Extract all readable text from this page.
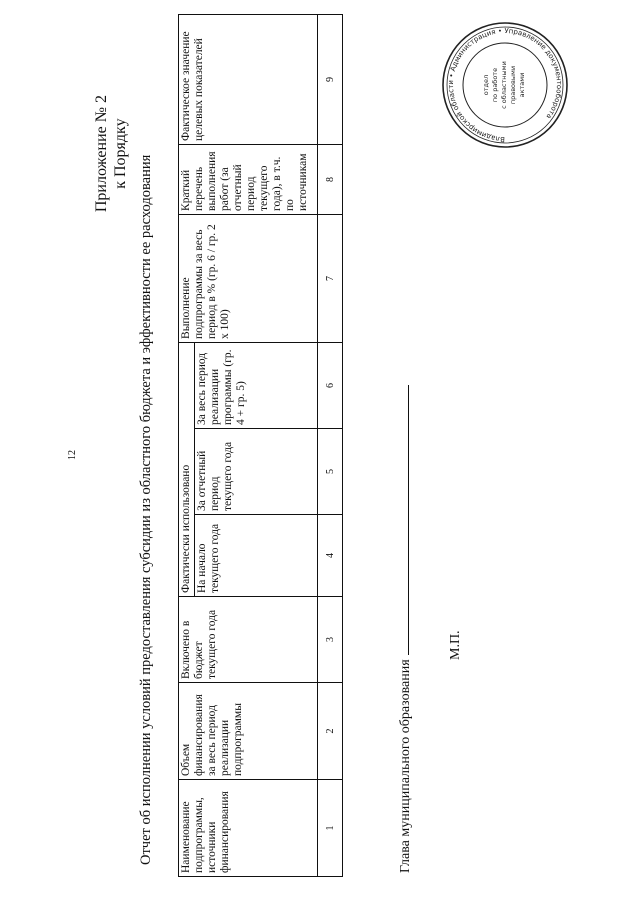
12
Приложение № 2 к Порядку
Отчет об исполнении условий предоставления субсидии из областного бюджета и эффективности ее расходования Наименование подпрограммы, источники финансирования	Объем финансирования за весь период реализации подпрограммы	Включено в бюджет текущего года	Фактически использовано			Выполнение подпрограммы за весь период в % (гр. 6 / гр. 2 х 100)	Краткий перечень выполнения работ (за отчетный период текущего года), в т.ч. по источникам	Фактическое значение целевых показателей
			На начало текущего года	За отчетный период текущего года	За весь период реализации программы (гр. 4 + гр. 5)			
1	2	3	4	5	6	7	8	9
Глава муниципального образования
М.П.
Владимирской области • Администрация • Управление документооборота
отдел по работе с областными правовыми актами
